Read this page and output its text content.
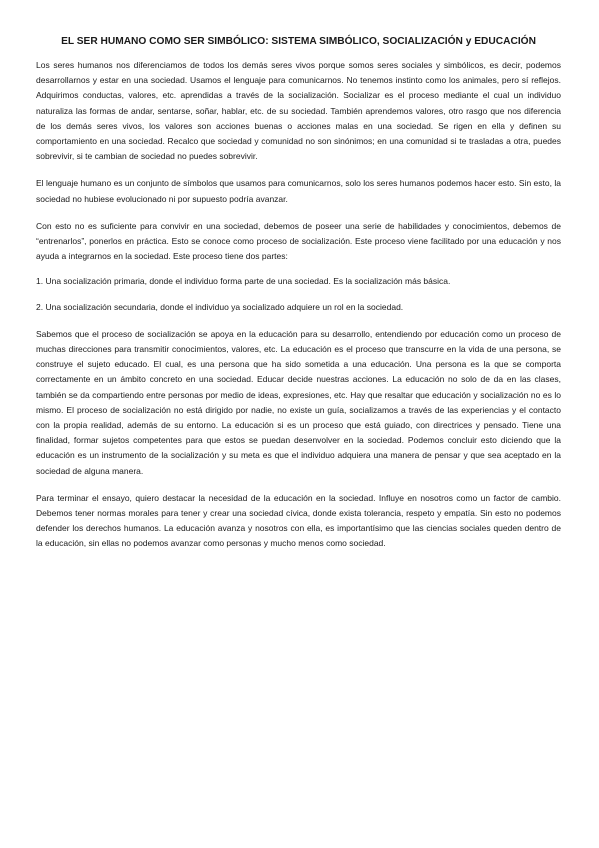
EL SER HUMANO COMO SER SIMBÓLICO: SISTEMA SIMBÓLICO, SOCIALIZACIÓN y EDUCACIÓN

Los seres humanos nos diferenciamos de todos los demás seres vivos porque somos seres sociales y simbólicos, es decir, podemos desarrollarnos y estar en una sociedad. Usamos el lenguaje para comunicarnos. No tenemos instinto como los animales, pero sí reflejos. Adquirimos conductas, valores, etc. aprendidas a través de la socialización. Socializar es el proceso mediante el cual un individuo naturaliza las formas de andar, sentarse, soñar, hablar, etc. de su sociedad. También aprendemos valores, otro rasgo que nos diferencia de los demás seres vivos, los valores son acciones buenas o acciones malas en una sociedad. Se rigen en ella y definen su comportamiento en una sociedad. Recalco que sociedad y comunidad no son sinónimos; en una comunidad si te trasladas a otra, puedes sobrevivir, si te cambian de sociedad no puedes sobrevivir.

El lenguaje humano es un conjunto de símbolos que usamos para comunicarnos, solo los seres humanos podemos hacer esto. Sin esto, la sociedad no hubiese evolucionado ni por supuesto podría avanzar.

Con esto no es suficiente para convivir en una sociedad, debemos de poseer una serie de habilidades y conocimientos, debemos de “entrenarlos”, ponerlos en práctica. Esto se conoce como proceso de socialización. Este proceso viene facilitado por una educación y nos ayuda a integrarnos en la sociedad. Este proceso tiene dos partes:

1. Una socialización primaria, donde el individuo forma parte de una sociedad. Es la socialización más básica.

2. Una socialización secundaria, donde el individuo ya socializado adquiere un rol en la sociedad.

Sabemos que el proceso de socialización se apoya en la educación para su desarrollo, entendiendo por educación como un proceso de muchas direcciones para transmitir conocimientos, valores, etc. La educación es el proceso que transcurre en la vida de una persona, se construye el sujeto educado. El cual, es una persona que ha sido sometida a una educación. Una persona es la que se comporta correctamente en un ámbito concreto en una sociedad. Educar decide nuestras acciones. La educación no solo de da en las clases, también se da compartiendo entre personas por medio de ideas, expresiones, etc. Hay que resaltar que educación y socialización no es lo mismo. El proceso de socialización no está dirigido por nadie, no existe un guía, socializamos a través de las experiencias y el contacto con la propia realidad, además de su entorno. La educación si es un proceso que está guiado, con directrices y pensado. Tiene una finalidad, formar sujetos competentes para que estos se puedan desenvolver en la sociedad. Podemos concluir esto diciendo que la educación es un instrumento de la socialización y su meta es que el individuo adquiera una manera de pensar y que sea aceptado en la sociedad de alguna manera.

Para terminar el ensayo, quiero destacar la necesidad de la educación en la sociedad. Influye en nosotros como un factor de cambio. Debemos tener normas morales para tener y crear una sociedad cívica, donde exista tolerancia, respeto y empatía. Sin esto no podemos defender los derechos humanos. La educación avanza y nosotros con ella, es importantísimo que las ciencias sociales queden dentro de la educación, sin ellas no podemos avanzar como personas y mucho menos como sociedad.
